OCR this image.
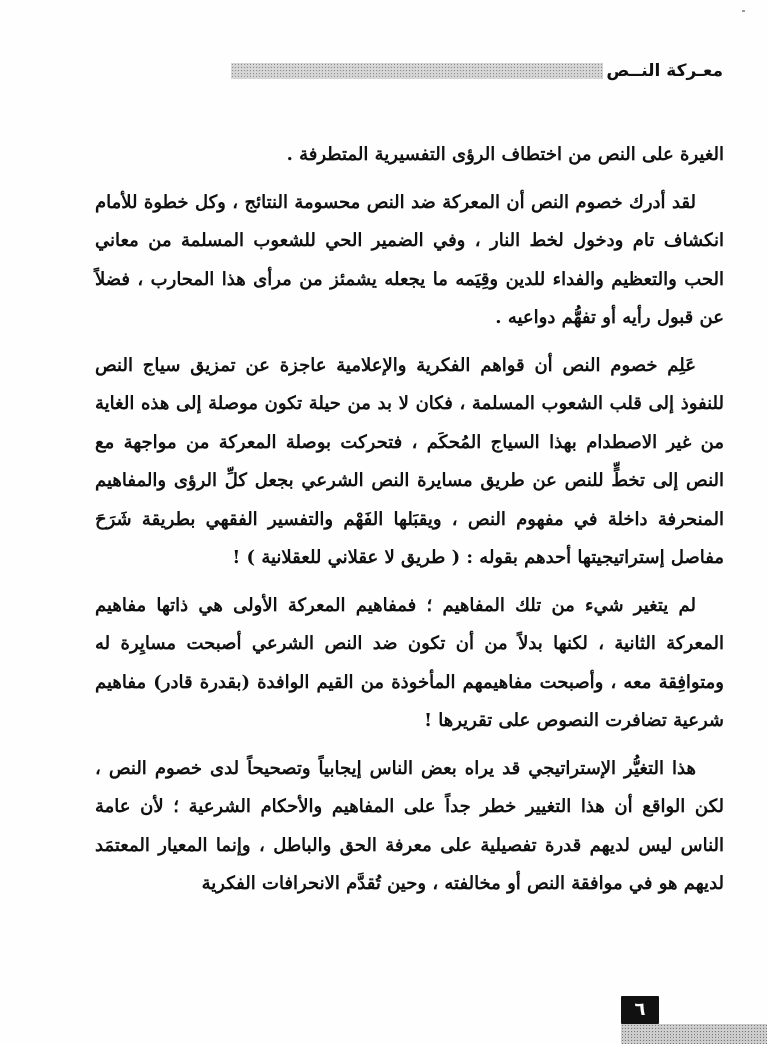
معـركة النــص

الغيرة على النص من اختطاف الرؤى التفسيرية المتطرفة .

لقد أدرك خصوم النص أن المعركة ضد النص محسومة النتائج ، وكل خطوة للأمام انكشاف تام ودخول لخط النار ، وفي الضمير الحي للشعوب المسلمة من معاني الحب والتعظيم والفداء للدين وقِيَمه ما يجعله يشمئز من مرأى هذا المحارب ، فضلاً عن قبول رأيه أو تفهُّم دواعيه .

عَلِم خصوم النص أن قواهم الفكرية والإعلامية عاجزة عن تمزيق سياج النص للنفوذ إلى قلب الشعوب المسلمة ، فكان لا بد من حيلة تكون موصلة إلى هذه الغاية من غير الاصطدام بهذا السياج المُحكَم ، فتحركت بوصلة المعركة من مواجهة مع النص إلى تخطٍّ للنص عن طريق مسايرة النص الشرعي بجعل كلِّ الرؤى والمفاهيم المنحرفة داخلة في مفهوم النص ، ويقبَلها الفَهْم والتفسير الفقهي بطريقة شَرَحَ مفاصل إستراتيجيتها أحدهم بقوله : ( طريق لا عقلاني للعقلانية ) !

لم يتغير شيء من تلك المفاهيم ؛ فمفاهيم المعركة الأولى هي ذاتها مفاهيم المعركة الثانية ، لكنها بدلاً من أن تكون ضد النص الشرعي أصبحت مسايِرة له ومتوافِقة معه ، وأصبحت مفاهيمهم المأخوذة من القيم الوافدة (بقدرة قادر) مفاهيم شرعية تضافرت النصوص على تقريرها !

هذا التغيُّر الإستراتيجي قد يراه بعض الناس إيجابياً وتصحيحاً لدى خصوم النص ، لكن الواقع أن هذا التغيير خطر جداً على المفاهيم والأحكام الشرعية ؛ لأن عامة الناس ليس لديهم قدرة تفصيلية على معرفة الحق والباطل ، وإنما المعيار المعتمَد لديهم هو في موافقة النص أو مخالفته ، وحين تُقدَّم الانحرافات الفكرية

٦
